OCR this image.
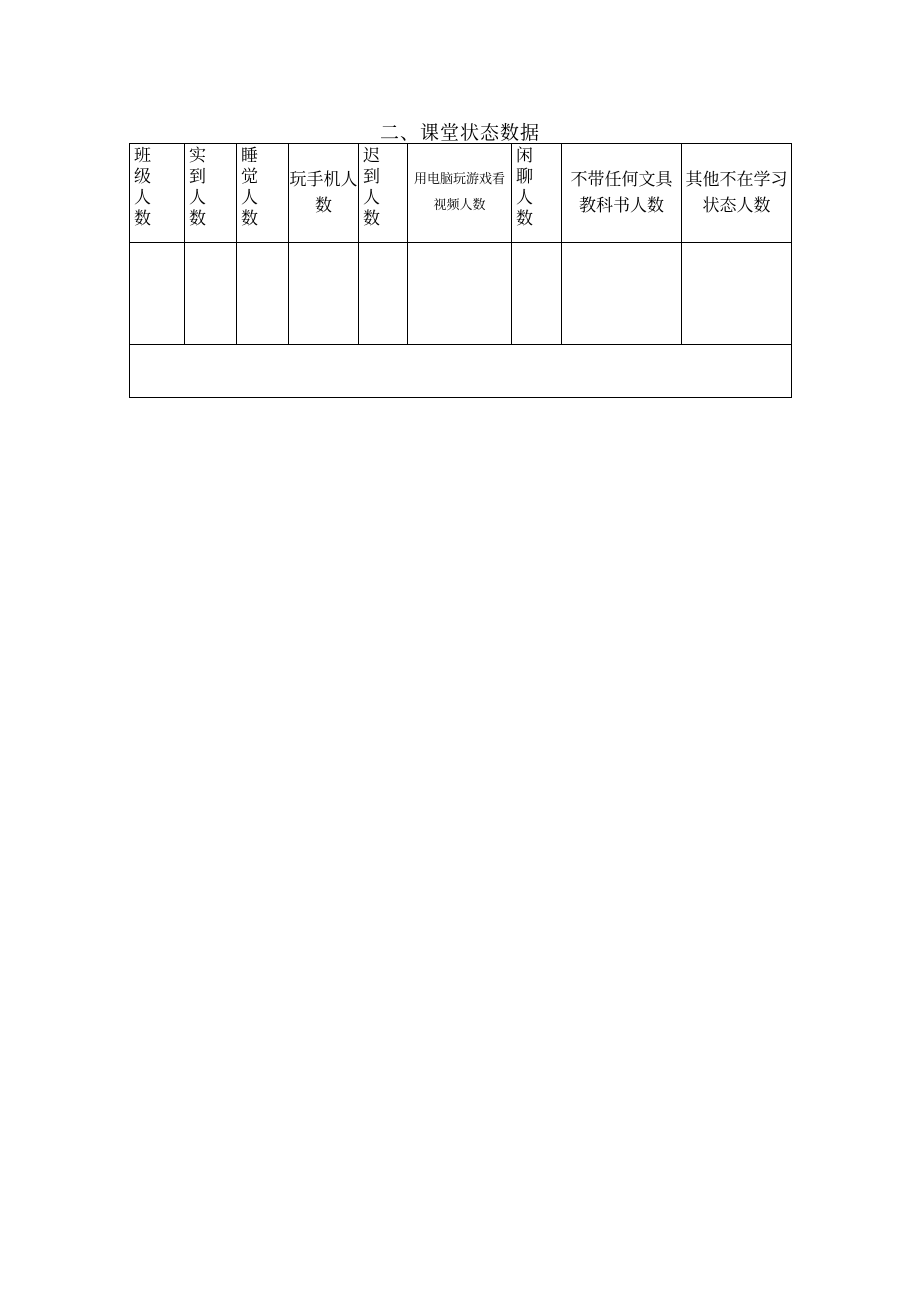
二、课堂状态数据
班
级
人
数	实
到
人
数	睡
觉
人
数	玩手机人
数	迟
到
人
数	用电脑玩游戏看
视频人数	闲
聊
人
数	不带任何文具
教科书人数	其他不在学习
状态人数
